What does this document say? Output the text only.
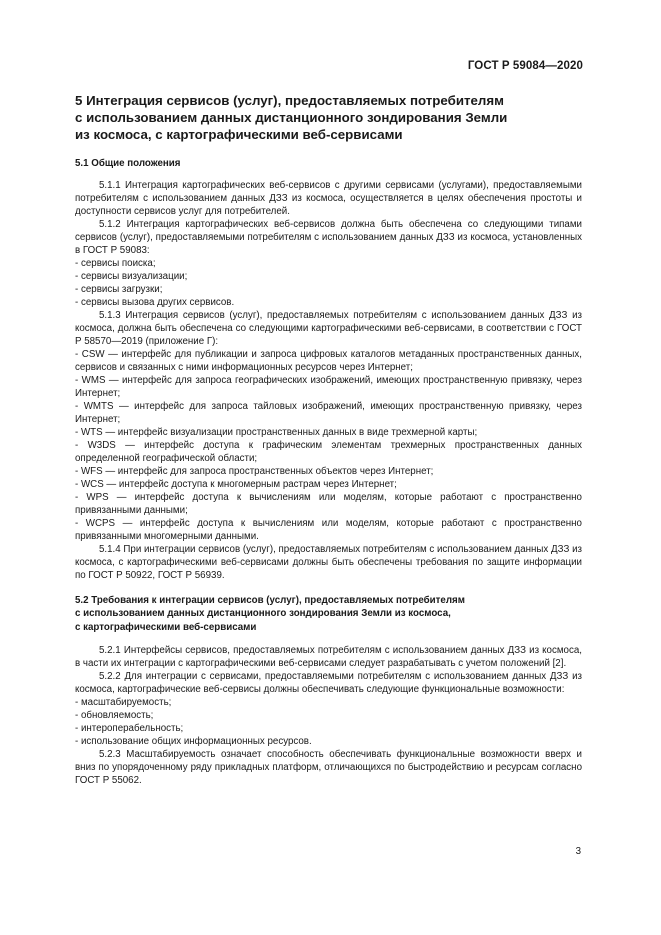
ГОСТ Р 59084—2020
5 Интеграция сервисов (услуг), предоставляемых потребителям
с использованием данных дистанционного зондирования Земли
из космоса, с картографическими веб-сервисами
5.1 Общие положения

5.1.1 Интеграция картографических веб-сервисов с другими сервисами (услугами), предоставляемыми потребителям с использованием данных ДЗЗ из космоса, осуществляется в целях обеспечения простоты и доступности сервисов услуг для потребителей.

5.1.2 Интеграция картографических веб-сервисов должна быть обеспечена со следующими типами сервисов (услуг), предоставляемыми потребителям с использованием данных ДЗЗ из космоса, установленных в ГОСТ Р 59083:

- сервисы поиска;

- сервисы визуализации;

- сервисы загрузки;

- сервисы вызова других сервисов.

5.1.3 Интеграция сервисов (услуг), предоставляемых потребителям с использованием данных ДЗЗ из космоса, должна быть обеспечена со следующими картографическими веб-сервисами, в соответствии с ГОСТ Р 58570—2019 (приложение Г):

- CSW — интерфейс для публикации и запроса цифровых каталогов метаданных пространственных данных, сервисов и связанных с ними информационных ресурсов через Интернет;

- WMS — интерфейс для запроса географических изображений, имеющих пространственную привязку, через Интернет;

- WMTS — интерфейс для запроса тайловых изображений, имеющих пространственную привязку, через Интернет;

- WTS — интерфейс визуализации пространственных данных в виде трехмерной карты;

- W3DS — интерфейс доступа к графическим элементам трехмерных пространственных данных определенной географической области;

- WFS — интерфейс для запроса пространственных объектов через Интернет;

- WCS — интерфейс доступа к многомерным растрам через Интернет;

- WPS — интерфейс доступа к вычислениям или моделям, которые работают с пространственно привязанными данными;

- WCPS — интерфейс доступа к вычислениям или моделям, которые работают с пространственно привязанными многомерными данными.

5.1.4 При интеграции сервисов (услуг), предоставляемых потребителям с использованием данных ДЗЗ из космоса, с картографическими веб-сервисами должны быть обеспечены требования по защите информации по ГОСТ Р 50922, ГОСТ Р 56939.

5.2 Требования к интеграции сервисов (услуг), предоставляемых потребителям
с использованием данных дистанционного зондирования Земли из космоса,
с картографическими веб-сервисами

5.2.1 Интерфейсы сервисов, предоставляемых потребителям с использованием данных ДЗЗ из космоса, в части их интеграции с картографическими веб-сервисами следует разрабатывать с учетом положений [2].

5.2.2 Для интеграции с сервисами, предоставляемыми потребителям с использованием данных ДЗЗ из космоса, картографические веб-сервисы должны обеспечивать следующие функциональные возможности:

- масштабируемость;

- обновляемость;

- интероперабельность;

- использование общих информационных ресурсов.

5.2.3 Масштабируемость означает способность обеспечивать функциональные возможности вверх и вниз по упорядоченному ряду прикладных платформ, отличающихся по быстродействию и ресурсам согласно ГОСТ Р 55062.

3
